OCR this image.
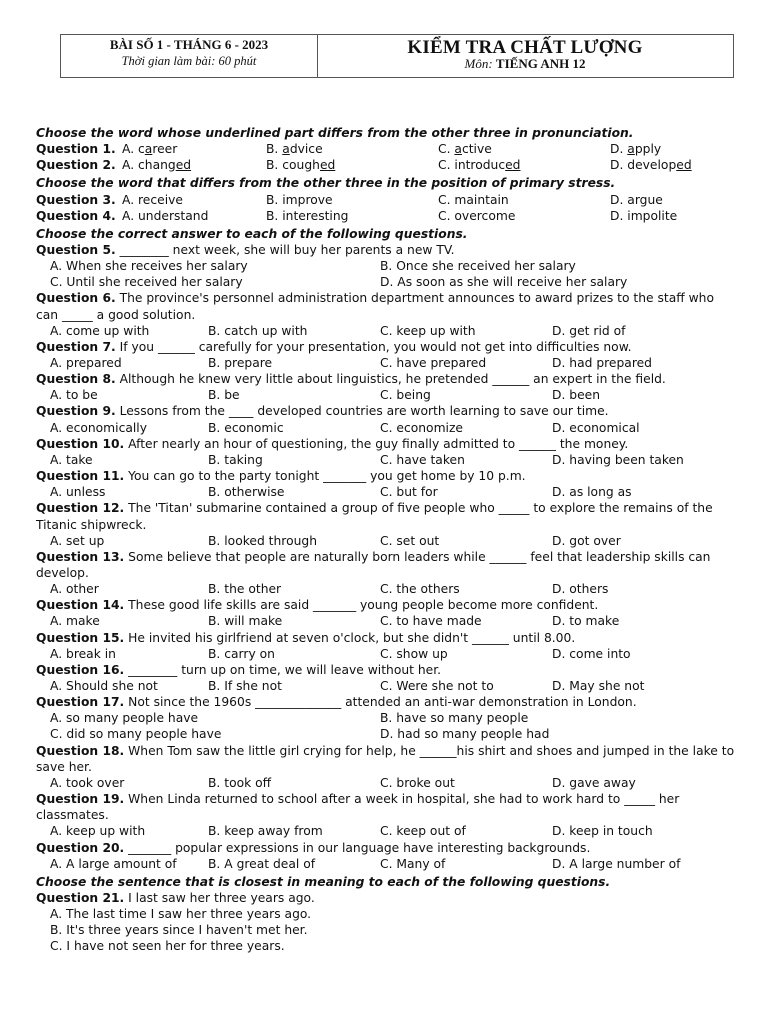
BÀI SỐ 1 - THÁNG 6 - 2023
Thời gian làm bài: 60 phút
KIỂM TRA CHẤT LƯỢNG
Môn: TIẾNG ANH 12
Choose the word whose underlined part differs from the other three in pronunciation.
Question 1. A. career	B. advice	C. active	D. apply
Question 2. A. changed	B. coughed	C. introduced	D. developed
Choose the word that differs from the other three in the position of primary stress.
Question 3. A. receive	B. improve	C. maintain	D. argue
Question 4. A. understand	B. interesting	C. overcome	D. impolite
Choose the correct answer to each of the following questions.
Question 5. ________ next week, she will buy her parents a new TV.
A. When she receives her salary	B. Once she received her salary
C. Until she received her salary	D. As soon as she will receive her salary
Question 6. The province's personnel administration department announces to award prizes to the staff who can _____ a good solution.
A. come up with	B. catch up with	C. keep up with	D. get rid of
Question 7. If you ______ carefully for your presentation, you would not get into difficulties now.
A. prepared	B. prepare	C. have prepared	D. had prepared
Question 8. Although he knew very little about linguistics, he pretended ______ an expert in the field.
A. to be	B. be	C. being	D. been
Question 9. Lessons from the ____ developed countries are worth learning to save our time.
A. economically	B. economic	C. economize	D. economical
Question 10. After nearly an hour of questioning, the guy finally admitted to ______ the money.
A. take	B. taking	C. have taken	D. having been taken
Question 11. You can go to the party tonight _______ you get home by 10 p.m.
A. unless	B. otherwise	C. but for	D. as long as
Question 12. The 'Titan' submarine contained a group of five people who _____ to explore the remains of the Titanic shipwreck.
A. set up	B. looked through	C. set out	D. got over
Question 13. Some believe that people are naturally born leaders while ______ feel that leadership skills can develop.
A. other	B. the other	C. the others	D. others
Question 14. These good life skills are said _______ young people become more confident.
A. make	B. will make	C. to have made	D. to make
Question 15. He invited his girlfriend at seven o'clock, but she didn't ______ until 8.00.
A. break in	B. carry on	C. show up	D. come into
Question 16. ________ turn up on time, we will leave without her.
A. Should she not	B. If she not	C. Were she not to	D. May she not
Question 17. Not since the 1960s ______________ attended an anti-war demonstration in London.
A. so many people have	B. have so many people
C. did so many people have	D. had so many people had
Question 18. When Tom saw the little girl crying for help, he ______his shirt and shoes and jumped in the lake to save her.
A. took over	B. took off	C. broke out	D. gave away
Question 19. When Linda returned to school after a week in hospital, she had to work hard to _____ her classmates.
A. keep up with	B. keep away from	C. keep out of	D. keep in touch
Question 20. _______ popular expressions in our language have interesting backgrounds.
A. A large amount of	B. A great deal of	C. Many of	D. A large number of
Choose the sentence that is closest in meaning to each of the following questions.
Question 21. I last saw her three years ago.
A. The last time I saw her three years ago.
B. It's three years since I haven't met her.
C. I have not seen her for three years.
